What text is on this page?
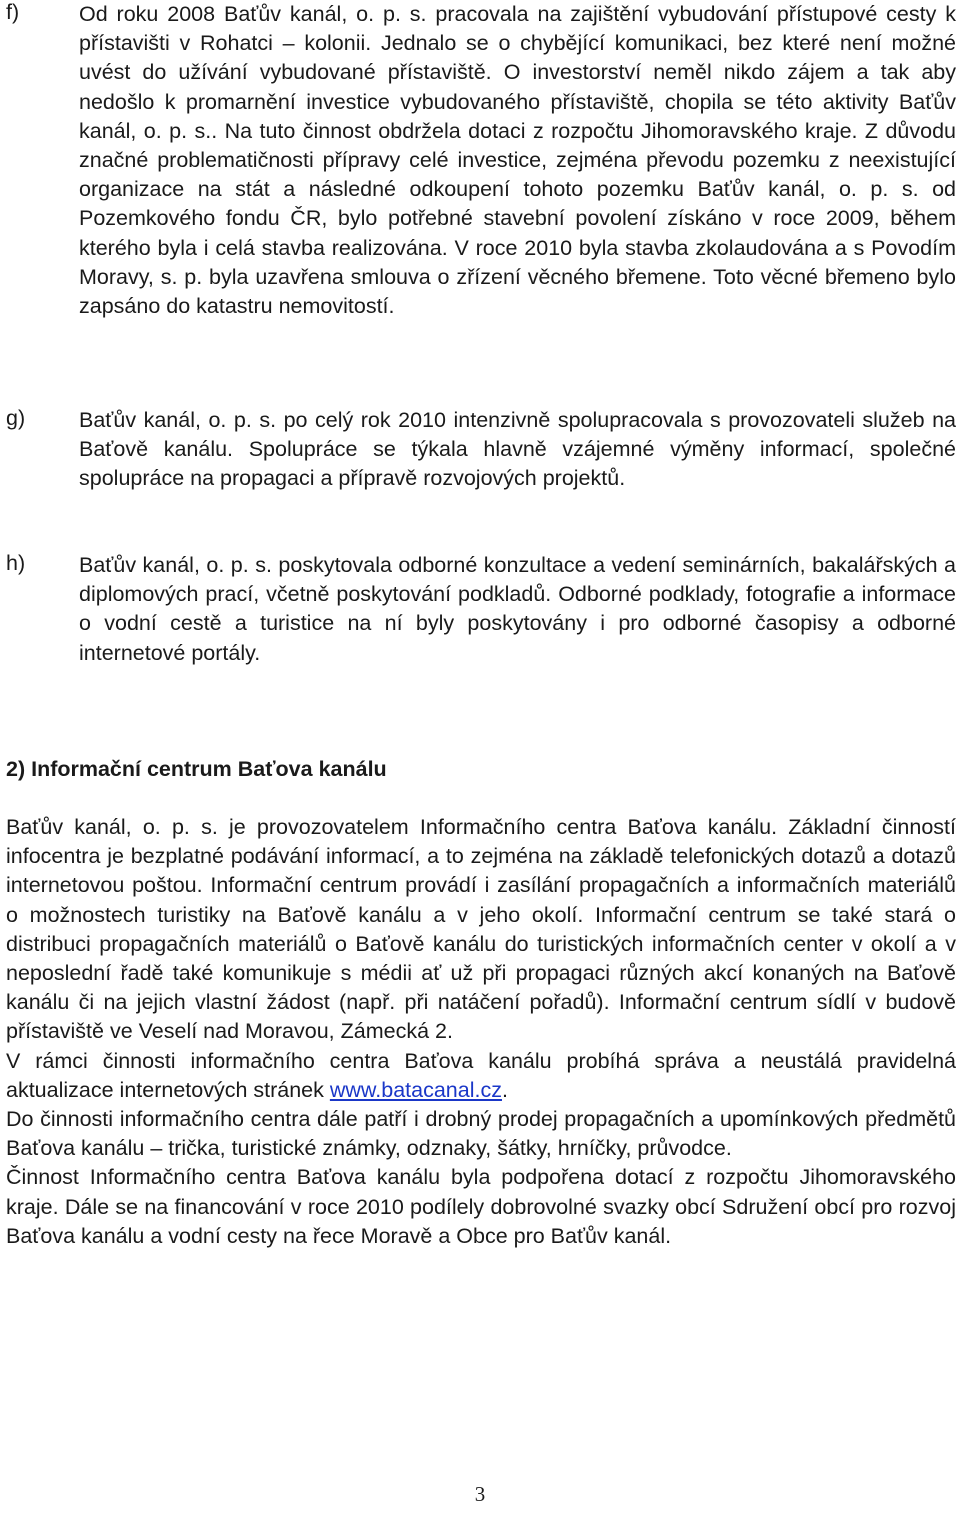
f)	Od roku 2008 Baťův kanál, o. p. s. pracovala na zajištění vybudování přístupové cesty k přístavišti v Rohatci – kolonii. Jednalo se o chybějící komunikaci, bez které není možné uvést do užívání vybudované přístaviště. O investorství neměl nikdo zájem a tak aby nedošlo k promarnění investice vybudovaného přístaviště, chopila se této aktivity Baťův kanál, o. p. s.. Na tuto činnost obdržela dotaci z rozpočtu Jihomoravského kraje. Z důvodu značné problematičnosti přípravy celé investice, zejména převodu pozemku z neexistující organizace na stát a následné odkoupení tohoto pozemku Baťův kanál, o. p. s. od Pozemkového fondu ČR, bylo potřebné stavební povolení získáno v roce 2009, během kterého byla i celá stavba realizována. V roce 2010 byla stavba zkolaudována a s Povodím Moravy, s. p. byla uzavřena smlouva o zřízení věcného břemene. Toto věcné břemeno bylo zapsáno do katastru nemovitostí.
g)	Baťův kanál, o. p. s. po celý rok 2010 intenzivně spolupracovala s provozovateli služeb na Baťově kanálu. Spolupráce se týkala hlavně vzájemné výměny informací, společné spolupráce na propagaci a přípravě rozvojových projektů.
h)	Baťův kanál, o. p. s. poskytovala odborné konzultace a vedení seminárních, bakalářských a diplomových prací, včetně poskytování podkladů. Odborné podklady, fotografie a informace o vodní cestě a turistice na ní byly poskytovány i pro odborné časopisy a odborné internetové portály.
2) Informační centrum Baťova kanálu

Baťův kanál, o. p. s. je provozovatelem Informačního centra Baťova kanálu. Základní činností infocentra je bezplatné podávání informací, a to zejména na základě telefonických dotazů a dotazů internetovou poštou. Informační centrum provádí i zasílání propagačních a informačních materiálů o možnostech turistiky na Baťově kanálu a v jeho okolí. Informační centrum se také stará o distribuci propagačních materiálů o Baťově kanálu do turistických informačních center v okolí a v neposlední řadě také komunikuje s médii ať už při propagaci různých akcí konaných na Baťově kanálu či na jejich vlastní žádost (např. při natáčení pořadů). Informační centrum sídlí v budově přístaviště ve Veselí nad Moravou, Zámecká 2.

V rámci činnosti informačního centra Baťova kanálu probíhá správa a neustálá pravidelná aktualizace internetových stránek www.batacanal.cz.

Do činnosti informačního centra dále patří i drobný prodej propagačních a upomínkových předmětů Baťova kanálu – trička, turistické známky, odznaky, šátky, hrníčky, průvodce.

Činnost Informačního centra Baťova kanálu byla podpořena dotací z rozpočtu Jihomoravského kraje. Dále se na financování v roce 2010 podílely dobrovolné svazky obcí Sdružení obcí pro rozvoj Baťova kanálu a vodní cesty na řece Moravě a Obce pro Baťův kanál.

3
